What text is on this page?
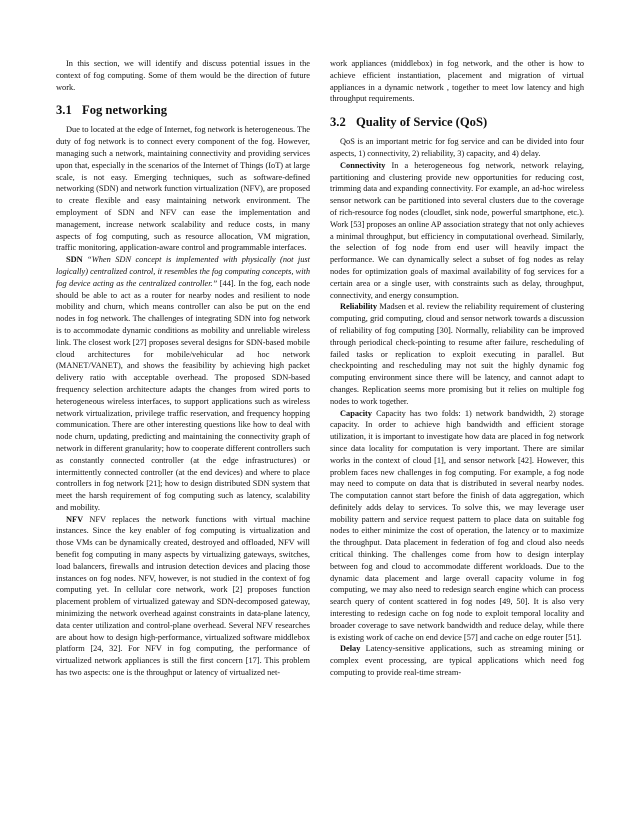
In this section, we will identify and discuss potential issues in the context of fog computing. Some of them would be the direction of future work.

3.1 Fog networking

Due to located at the edge of Internet, fog network is heterogeneous. The duty of fog network is to connect every component of the fog. However, managing such a network, maintaining connectivity and providing services upon that, especially in the scenarios of the Internet of Things (IoT) at large scale, is not easy. Emerging techniques, such as software-defined networking (SDN) and network function virtualization (NFV), are proposed to create flexible and easy maintaining network environment. The employment of SDN and NFV can ease the implementation and management, increase network scalability and reduce costs, in many aspects of fog computing, such as resource allocation, VM migration, traffic monitoring, application-aware control and programmable interfaces.

SDN “When SDN concept is implemented with physically (not just logically) centralized control, it resembles the fog computing concepts, with fog device acting as the centralized controller.” [44]. In the fog, each node should be able to act as a router for nearby nodes and resilient to node mobility and churn, which means controller can also be put on the end nodes in fog network. The challenges of integrating SDN into fog network is to accommodate dynamic conditions as mobility and unreliable wireless link. The closest work [27] proposes several designs for SDN-based mobile cloud architectures for mobile/vehicular ad hoc network (MANET/VANET), and shows the feasibility by achieving high packet delivery ratio with acceptable overhead. The proposed SDN-based frequency selection architecture adapts the changes from wired ports to heterogeneous wireless interfaces, to support applications such as wireless network virtualization, privilege traffic reservation, and frequency hopping communication. There are other interesting questions like how to deal with node churn, updating, predicting and maintaining the connectivity graph of network in different granularity; how to cooperate different controllers such as constantly connected controller (at the edge infrastructures) or intermittently connected controller (at the end devices) and where to place controllers in fog network [21]; how to design distributed SDN system that meet the harsh requirement of fog computing such as latency, scalability and mobility.

NFV NFV replaces the network functions with virtual machine instances. Since the key enabler of fog computing is virtualization and those VMs can be dynamically created, destroyed and offloaded, NFV will benefit fog computing in many aspects by virtualizing gateways, switches, load balancers, firewalls and intrusion detection devices and placing those instances on fog nodes. NFV, however, is not studied in the context of fog computing yet. In cellular core network, work [2] proposes function placement problem of virtualized gateway and SDN-decomposed gateway, minimizing the network overhead against constraints in data-plane latency, data center utilization and control-plane overhead. Several NFV researches are about how to design high-performance, virtualized software middlebox platform [24, 32]. For NFV in fog computing, the performance of virtualized network appliances is still the first concern [17]. This problem has two aspects: one is the throughput or latency of virtualized net-

work appliances (middlebox) in fog network, and the other is how to achieve efficient instantiation, placement and migration of virtual appliances in a dynamic network , together to meet low latency and high throughput requirements.

3.2 Quality of Service (QoS)

QoS is an important metric for fog service and can be divided into four aspects, 1) connectivity, 2) reliability, 3) capacity, and 4) delay.

Connectivity In a heterogeneous fog network, network relaying, partitioning and clustering provide new opportunities for reducing cost, trimming data and expanding connectivity. For example, an ad-hoc wireless sensor network can be partitioned into several clusters due to the coverage of rich-resource fog nodes (cloudlet, sink node, powerful smartphone, etc.). Work [53] proposes an online AP association strategy that not only achieves a minimal throughput, but efficiency in computational overhead. Similarly, the selection of fog node from end user will heavily impact the performance. We can dynamically select a subset of fog nodes as relay nodes for optimization goals of maximal availability of fog services for a certain area or a single user, with constraints such as delay, throughput, connectivity, and energy consumption.

Reliability Madsen et al. review the reliability requirement of clustering computing, grid computing, cloud and sensor network towards a discussion of reliability of fog computing [30]. Normally, reliability can be improved through periodical check-pointing to resume after failure, rescheduling of failed tasks or replication to exploit executing in parallel. But checkpointing and rescheduling may not suit the highly dynamic fog computing environment since there will be latency, and cannot adapt to changes. Replication seems more promising but it relies on multiple fog nodes to work together.

Capacity Capacity has two folds: 1) network bandwidth, 2) storage capacity. In order to achieve high bandwidth and efficient storage utilization, it is important to investigate how data are placed in fog network since data locality for computation is very important. There are similar works in the context of cloud [1], and sensor network [42]. However, this problem faces new challenges in fog computing. For example, a fog node may need to compute on data that is distributed in several nearby nodes. The computation cannot start before the finish of data aggregation, which definitely adds delay to services. To solve this, we may leverage user mobility pattern and service request pattern to place data on suitable fog nodes to either minimize the cost of operation, the latency or to maximize the throughput. Data placement in federation of fog and cloud also needs critical thinking. The challenges come from how to design interplay between fog and cloud to accommodate different workloads. Due to the dynamic data placement and large overall capacity volume in fog computing, we may also need to redesign search engine which can process search query of content scattered in fog nodes [49, 50]. It is also very interesting to redesign cache on fog node to exploit temporal locality and broader coverage to save network bandwidth and reduce delay, while there is existing work of cache on end device [57] and cache on edge router [51].

Delay Latency-sensitive applications, such as streaming mining or complex event processing, are typical applications which need fog computing to provide real-time stream-
